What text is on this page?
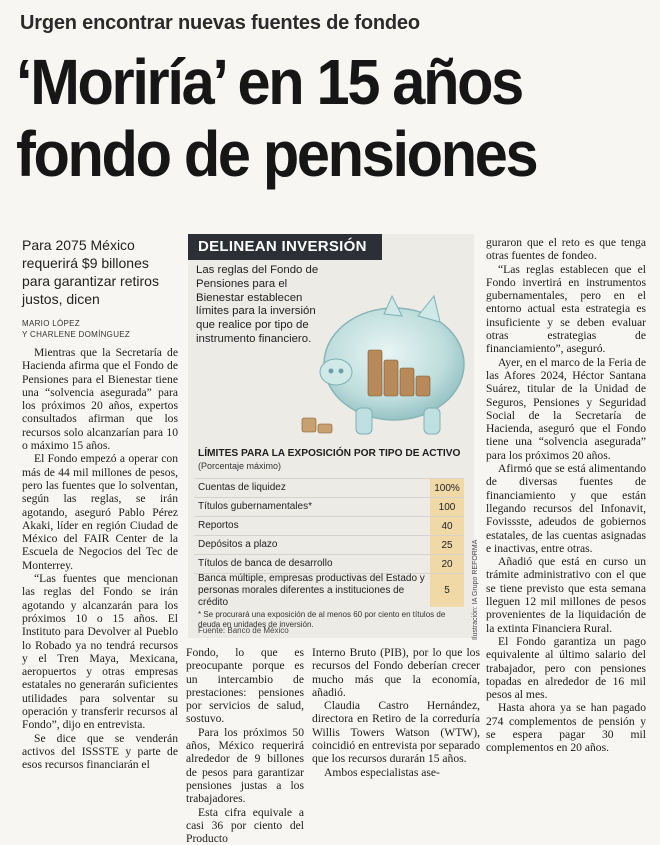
Urgen encontrar nuevas fuentes de fondeo
‘Moriría’ en 15 años
fondo de pensiones
Para 2075 México requerirá $9 billones para garantizar retiros justos, dicen
MARIO LÓPEZ
Y CHARLENE DOMÍNGUEZ

Mientras que la Secretaría de Hacienda afirma que el Fondo de Pensiones para el Bienestar tiene una “solvencia asegurada” para los próximos 20 años, expertos consultados afirman que los recursos solo alcanzarían para 10 o máximo 15 años.

El Fondo empezó a operar con más de 44 mil millones de pesos, pero las fuentes que lo solventan, según las reglas, se irán agotando, aseguró Pablo Pérez Akaki, líder en región Ciudad de México del FAIR Center de la Escuela de Negocios del Tec de Monterrey.

“Las fuentes que mencionan las reglas del Fondo se irán agotando y alcanzarán para los próximos 10 o 15 años. El Instituto para Devolver al Pueblo lo Robado ya no tendrá recursos y el Tren Maya, Mexicana, aeropuertos y otras empresas estatales no generarán suficientes utilidades para solventar su operación y transferir recursos al Fondo”, dijo en entrevista.

Se dice que se venderán activos del ISSSTE y parte de esos recursos financiarán el

DELINEAN INVERSIÓN
Las reglas del Fondo de Pensiones para el Bienestar establecen límites para la inversión que realice por tipo de instrumento financiero.
LÍMITES PARA LA EXPOSICIÓN POR TIPO DE ACTIVO
(Porcentaje máximo)
Cuentas de liquidez	100%
Títulos gubernamentales*	100
Reportos	40
Depósitos a plazo	25
Títulos de banca de desarrollo	20
Banca múltiple, empresas productivas del Estado y personas morales diferentes a instituciones de crédito
5
* Se procurará una exposición de al menos 60 por ciento en títulos de deuda en unidades de inversión.
Fuente: Banco de México	Ilustración: IA Grupo REFORMA

Fondo, lo que es preocupante porque es un intercambio de prestaciones: pensiones por servicios de salud, sostuvo.

Para los próximos 50 años, México requerirá alrededor de 9 billones de pesos para garantizar pensiones justas a los trabajadores.

Esta cifra equivale a casi 36 por ciento del Producto

Interno Bruto (PIB), por lo que los recursos del Fondo deberían crecer mucho más que la economía, añadió.

Claudia Castro Hernández, directora en Retiro de la correduría Willis Towers Watson (WTW), coincidió en entrevista por separado que los recursos durarán 15 años.

Ambos especialistas ase-

guraron que el reto es que tenga otras fuentes de fondeo.

“Las reglas establecen que el Fondo invertirá en instrumentos gubernamentales, pero en el entorno actual esta estrategia es insuficiente y se deben evaluar otras estrategias de financiamiento”, aseguró.

Ayer, en el marco de la Feria de las Afores 2024, Héctor Santana Suárez, titular de la Unidad de Seguros, Pensiones y Seguridad Social de la Secretaría de Hacienda, aseguró que el Fondo tiene una “solvencia asegurada” para los próximos 20 años.

Afirmó que se está alimentando de diversas fuentes de financiamiento y que están llegando recursos del Infonavit, Fovissste, adeudos de gobiernos estatales, de las cuentas asignadas e inactivas, entre otras.

Añadió que está en curso un trámite administrativo con el que se tiene previsto que esta semana lleguen 12 mil millones de pesos provenientes de la liquidación de la extinta Financiera Rural.

El Fondo garantiza un pago equivalente al último salario del trabajador, pero con pensiones topadas en alrededor de 16 mil pesos al mes.

Hasta ahora ya se han pagado 274 complementos de pensión y se espera pagar 30 mil complementos en 20 años.
